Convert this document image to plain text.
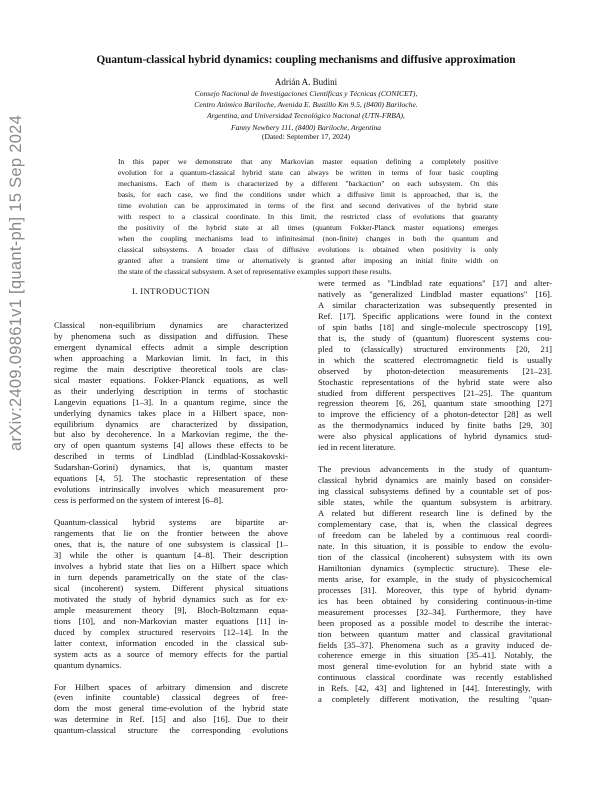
arXiv:2409.09861v1 [quant-ph] 15 Sep 2024
Quantum-classical hybrid dynamics: coupling mechanisms and diffusive approximation
Adrián A. Budini
Consejo Nacional de Investigaciones Científicas y Técnicas (CONICET),
Centro Atómico Bariloche, Avenida E. Bustillo Km 9.5, (8400) Bariloche.
Argentina, and Universidad Tecnológico Nacional (UTN-FRBA),
Fanny Newbery 111, (8400) Bariloche, Argentina
(Dated: September 17, 2024)
In this paper we demonstrate that any Markovian master equation defining a completely positive
evolution for a quantum-classical hybrid state can always be written in terms of four basic coupling
mechanisms. Each of them is characterized by a different "backaction" on each subsystem. On this
basis, for each case, we find the conditions under which a diffusive limit is approached, that is, the
time evolution can be approximated in terms of the first and second derivatives of the hybrid state
with respect to a classical coordinate. In this limit, the restricted class of evolutions that guaranty
the positivity of the hybrid state at all times (quantum Fokker-Planck master equations) emerges
when the coupling mechanisms lead to infinitesimal (non-finite) changes in both the quantum and
classical subsystems. A broader class of diffusive evolutions is obtained when positivity is only
granted after a transient time or alternatively is granted after imposing an initial finite width on
the state of the classical subsystem. A set of representative examples support these results.
I. INTRODUCTION
Classical non-equilibrium dynamics are characterized
by phenomena such as dissipation and diffusion. These
emergent dynamical effects admit a simple description
when approaching a Markovian limit. In fact, in this
regime the main descriptive theoretical tools are clas-
sical master equations. Fokker-Planck equations, as well
as their underlying description in terms of stochastic
Langevin equations [1–3]. In a quantum regime, since the
underlying dynamics takes place in a Hilbert space, non-
equilibrium dynamics are characterized by dissipation,
but also by decoherence. In a Markovian regime, the the-
ory of open quantum systems [4] allows these effects to be
described in terms of Lindblad (Lindblad-Kossakovski-
Sudarshan-Gorini) dynamics, that is, quantum master
equations [4, 5]. The stochastic representation of these
evolutions intrinsically involves which measurement pro-
cess is performed on the system of interest [6–8].
Quantum-classical hybrid systems are bipartite ar-
rangements that lie on the frontier between the above
ones, that is, the nature of one subsystem is classical [1–
3] while the other is quantum [4–8]. Their description
involves a hybrid state that lies on a Hilbert space which
in turn depends parametrically on the state of the clas-
sical (incoherent) system. Different physical situations
motivated the study of hybrid dynamics such as for ex-
ample measurement theory [9], Bloch-Boltzmann equa-
tions [10], and non-Markovian master equations [11] in-
duced by complex structured reservoirs [12–14]. In the
latter context, information encoded in the classical sub-
system acts as a source of memory effects for the partial
quantum dynamics.
For Hilbert spaces of arbitrary dimension and discrete
(even infinite countable) classical degrees of free-
dom the most general time-evolution of the hybrid state
was determine in Ref. [15] and also [16]. Due to their
quantum-classical structure the corresponding evolutions
were termed as "Lindblad rate equations" [17] and alter-
natively as "generalized Lindblad master equations" [16].
A similar characterization was subsequently presented in
Ref. [17]. Specific applications were found in the context
of spin baths [18] and single-molecule spectroscopy [19],
that is, the study of (quantum) fluorescent systems cou-
pled to (classically) structured environments [20, 21]
in which the scattered electromagnetic field is usually
observed by photon-detection measurements [21–23].
Stochastic representations of the hybrid state were also
studied from different perspectives [21–25]. The quantum
regression theorem [6, 26], quantum state smoothing [27]
to improve the efficiency of a photon-detector [28] as well
as the thermodynamics induced by finite baths [29, 30]
were also physical applications of hybrid dynamics stud-
ied in recent literature.
The previous advancements in the study of quantum-
classical hybrid dynamics are mainly based on consider-
ing classical subsystems defined by a countable set of pos-
sible states, while the quantum subsystem is arbitrary.
A related but different research line is defined by the
complementary case, that is, when the classical degrees
of freedom can be labeled by a continuous real coordi-
nate. In this situation, it is possible to endow the evolu-
tion of the classical (incoherent) subsystem with its own
Hamiltonian dynamics (symplectic structure). These ele-
ments arise, for example, in the study of physicochemical
processes [31]. Moreover, this type of hybrid dynam-
ics has been obtained by considering continuous-in-time
measurement processes [32–34]. Furthermore, they have
been proposed as a possible model to describe the interac-
tion between quantum matter and classical gravitational
fields [35–37]. Phenomena such as a gravity induced de-
coherence emerge in this situation [35–41]. Notably, the
most general time-evolution for an hybrid state with a
continuous classical coordinate was recently established
in Refs. [42, 43] and lightened in [44]. Interestingly, with
a completely different motivation, the resulting "quan-
